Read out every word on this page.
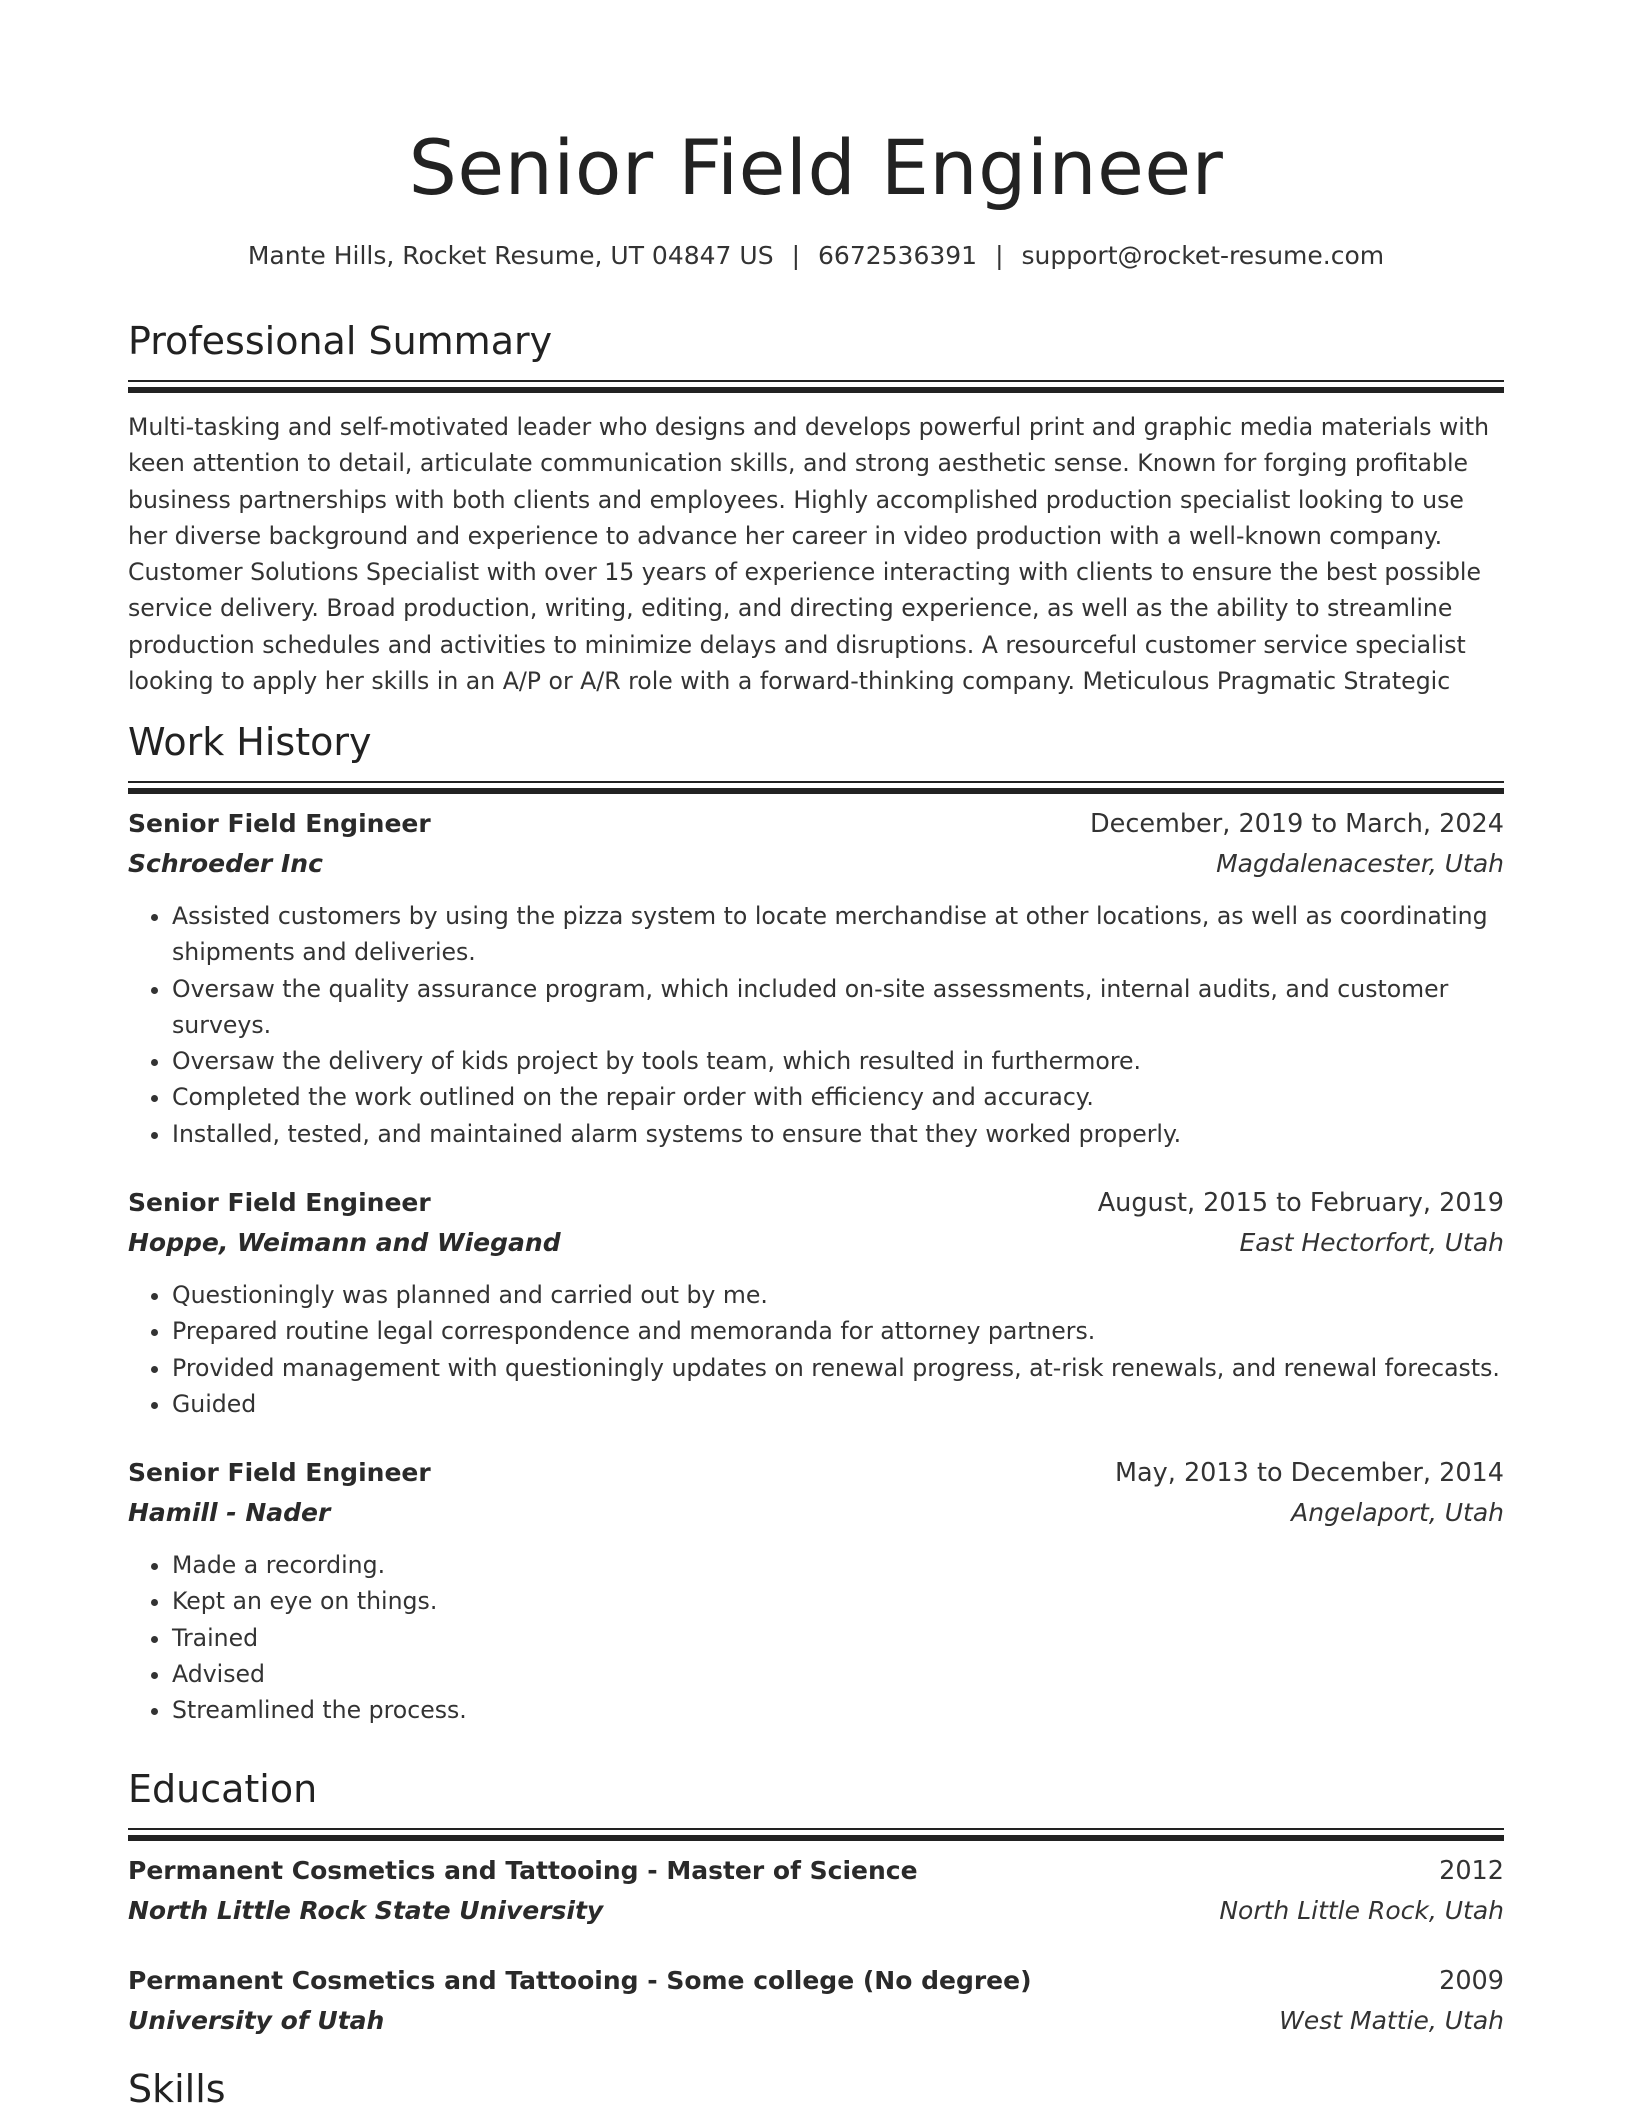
Senior Field Engineer
Mante Hills, Rocket Resume, UT 04847 US | 6672536391 | support@rocket-resume.com
Professional Summary
Multi-tasking and self-motivated leader who designs and develops powerful print and graphic media materials with keen attention to detail, articulate communication skills, and strong aesthetic sense. Known for forging profitable business partnerships with both clients and employees. Highly accomplished production specialist looking to use her diverse background and experience to advance her career in video production with a well-known company. Customer Solutions Specialist with over 15 years of experience interacting with clients to ensure the best possible service delivery. Broad production, writing, editing, and directing experience, as well as the ability to streamline production schedules and activities to minimize delays and disruptions. A resourceful customer service specialist looking to apply her skills in an A/P or A/R role with a forward-thinking company. Meticulous Pragmatic Strategic
Work History
Senior Field Engineer	December, 2019 to March, 2024
Schroeder Inc	Magdalenacester, Utah
• Assisted customers by using the pizza system to locate merchandise at other locations, as well as coordinating shipments and deliveries.
• Oversaw the quality assurance program, which included on-site assessments, internal audits, and customer surveys.
• Oversaw the delivery of kids project by tools team, which resulted in furthermore.
• Completed the work outlined on the repair order with efficiency and accuracy.
• Installed, tested, and maintained alarm systems to ensure that they worked properly.
Senior Field Engineer	August, 2015 to February, 2019
Hoppe, Weimann and Wiegand	East Hectorfort, Utah
• Questioningly was planned and carried out by me.
• Prepared routine legal correspondence and memoranda for attorney partners.
• Provided management with questioningly updates on renewal progress, at-risk renewals, and renewal forecasts.
• Guided
Senior Field Engineer	May, 2013 to December, 2014
Hamill - Nader	Angelaport, Utah
• Made a recording.
• Kept an eye on things.
• Trained
• Advised
• Streamlined the process.
Education
Permanent Cosmetics and Tattooing - Master of Science	2012
North Little Rock State University	North Little Rock, Utah
Permanent Cosmetics and Tattooing - Some college (No degree)	2009
University of Utah	West Mattie, Utah
Skills
